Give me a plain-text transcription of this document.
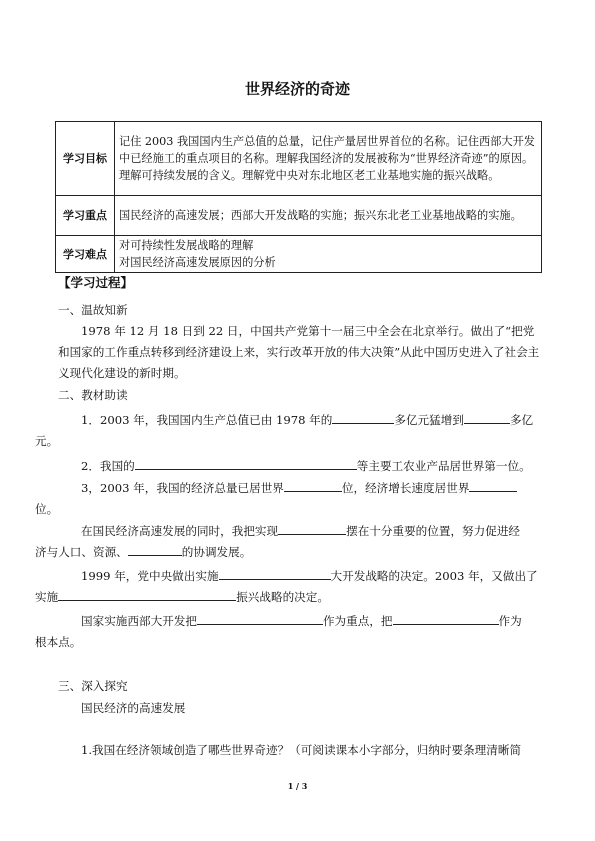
世界经济的奇迹
学习目标	记住 2003 我国国内生产总值的总量，记住产量居世界首位的名称。记住西部大开发中已经施工的重点项目的名称。理解我国经济的发展被称为“世界经济奇迹”的原因。理解可持续发展的含义。理解党中央对东北地区老工业基地实施的振兴战略。
学习重点	国民经济的高速发展；西部大开发战略的实施；振兴东北老工业基地战略的实施。
学习难点	对可持续性发展战略的理解
对国民经济高速发展原因的分析
【学习过程】
一、温故知新
1978 年 12 月 18 日到 22 日，中国共产党第十一届三中全会在北京举行。做出了“把党和国家的工作重点转移到经济建设上来，实行改革开放的伟大决策”从此中国历史进入了社会主义现代化建设的新时期。
二、教材助读
1．2003 年，我国国内生产总值已由 1978 年的	多亿元猛增到	多亿
元。
2．我国的	等主要工农业产品居世界第一位。
3，2003 年，我国的经济总量已居世界	位，经济增长速度居世界
位。
在国民经济高速发展的同时，我把实现	摆在十分重要的位置，努力促进经
济与人口、资源、	的协调发展。
1999 年，党中央做出实施	大开发战略的决定。2003 年，又做出了
实施	振兴战略的决定。
国家实施西部大开发把	作为重点，把	作为
根本点。
三、深入探究
国民经济的高速发展
1.我国在经济领域创造了哪些世界奇迹？（可阅读课本小字部分，归纳时要条理清晰简
1 / 3
